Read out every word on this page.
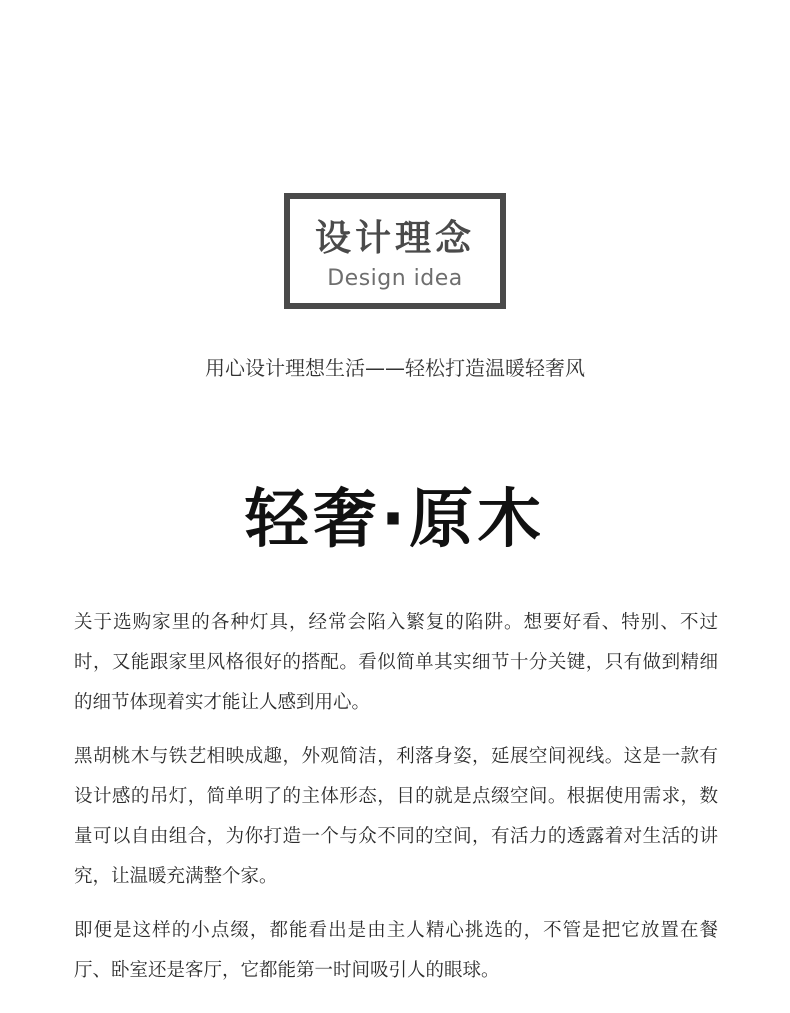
设计理念
Design idea
用心设计理想生活——轻松打造温暖轻奢风
轻奢·原木

关于选购家里的各种灯具，经常会陷入繁复的陷阱。想要好看、特别、不过时，又能跟家里风格很好的搭配。看似简单其实细节十分关键，只有做到精细的细节体现着实才能让人感到用心。

黑胡桃木与铁艺相映成趣，外观简洁，利落身姿，延展空间视线。这是一款有设计感的吊灯，简单明了的主体形态，目的就是点缀空间。根据使用需求，数量可以自由组合，为你打造一个与众不同的空间，有活力的透露着对生活的讲究，让温暖充满整个家。

即便是这样的小点缀，都能看出是由主人精心挑选的，不管是把它放置在餐厅、卧室还是客厅，它都能第一时间吸引人的眼球。
